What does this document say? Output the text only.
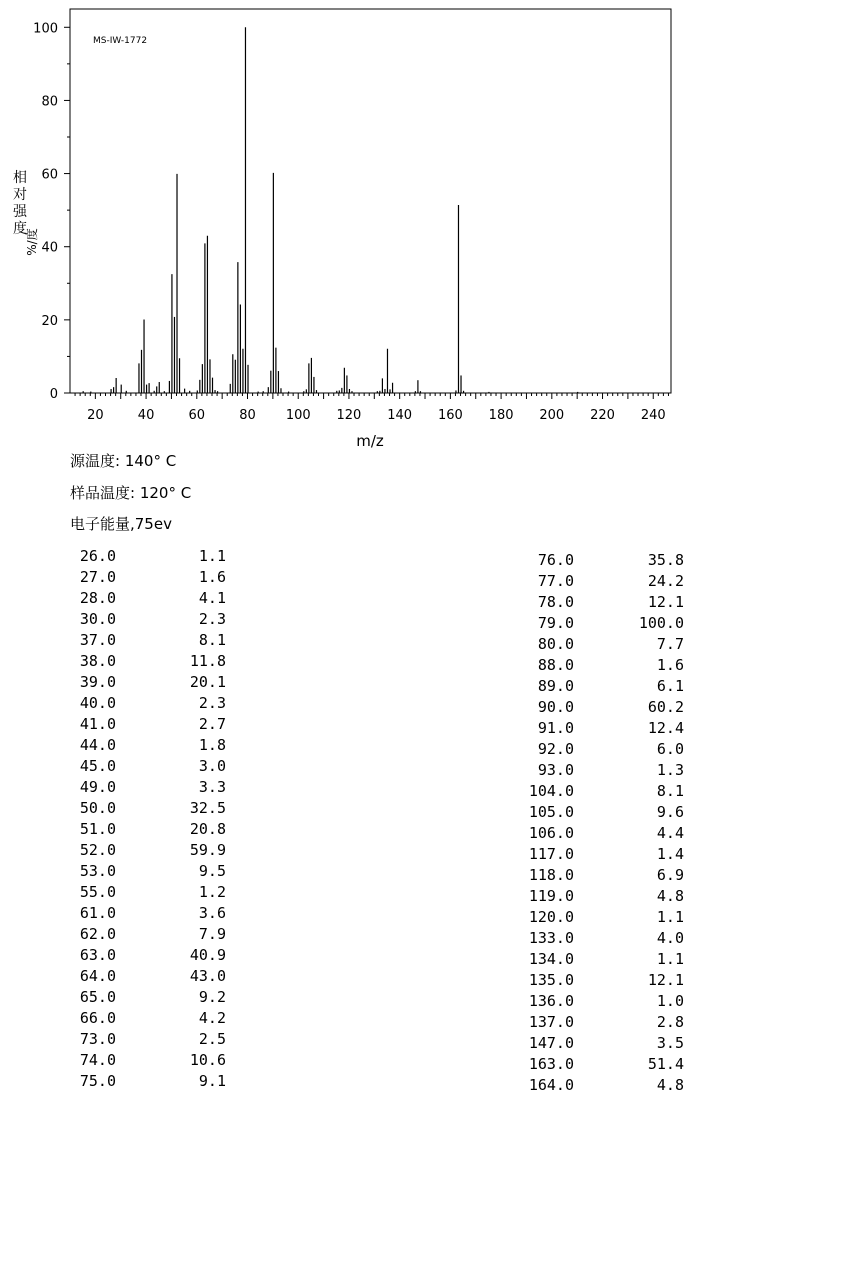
MS-IW-1772
m/z
相
对
强
度
%/度
20	40	60	80 100 120 140 160 180 200 220 240
0
20
40
60
80
100
源温度: 140° C
样品温度: 120° C
电子能量,75ev
26.0	1.1
27.0	1.6
28.0	4.1
30.0	2.3
37.0	8.1
38.0	11.8
39.0	20.1
40.0	2.3
41.0	2.7
44.0	1.8
45.0	3.0
49.0	3.3
50.0	32.5
51.0	20.8
52.0	59.9
53.0	9.5
55.0	1.2
61.0	3.6
62.0	7.9
63.0	40.9
64.0	43.0
65.0	9.2
66.0	4.2
73.0	2.5
74.0	10.6
75.0	9.1
76.0	35.8
77.0	24.2
78.0	12.1
79.0	100.0
80.0	7.7
88.0	1.6
89.0	6.1
90.0	60.2
91.0	12.4
92.0	6.0
93.0	1.3
104.0	8.1
105.0	9.6
106.0	4.4
117.0	1.4
118.0	6.9
119.0	4.8
120.0	1.1
133.0	4.0
134.0	1.1
135.0	12.1
136.0	1.0
137.0	2.8
147.0	3.5
163.0	51.4
164.0	4.8
